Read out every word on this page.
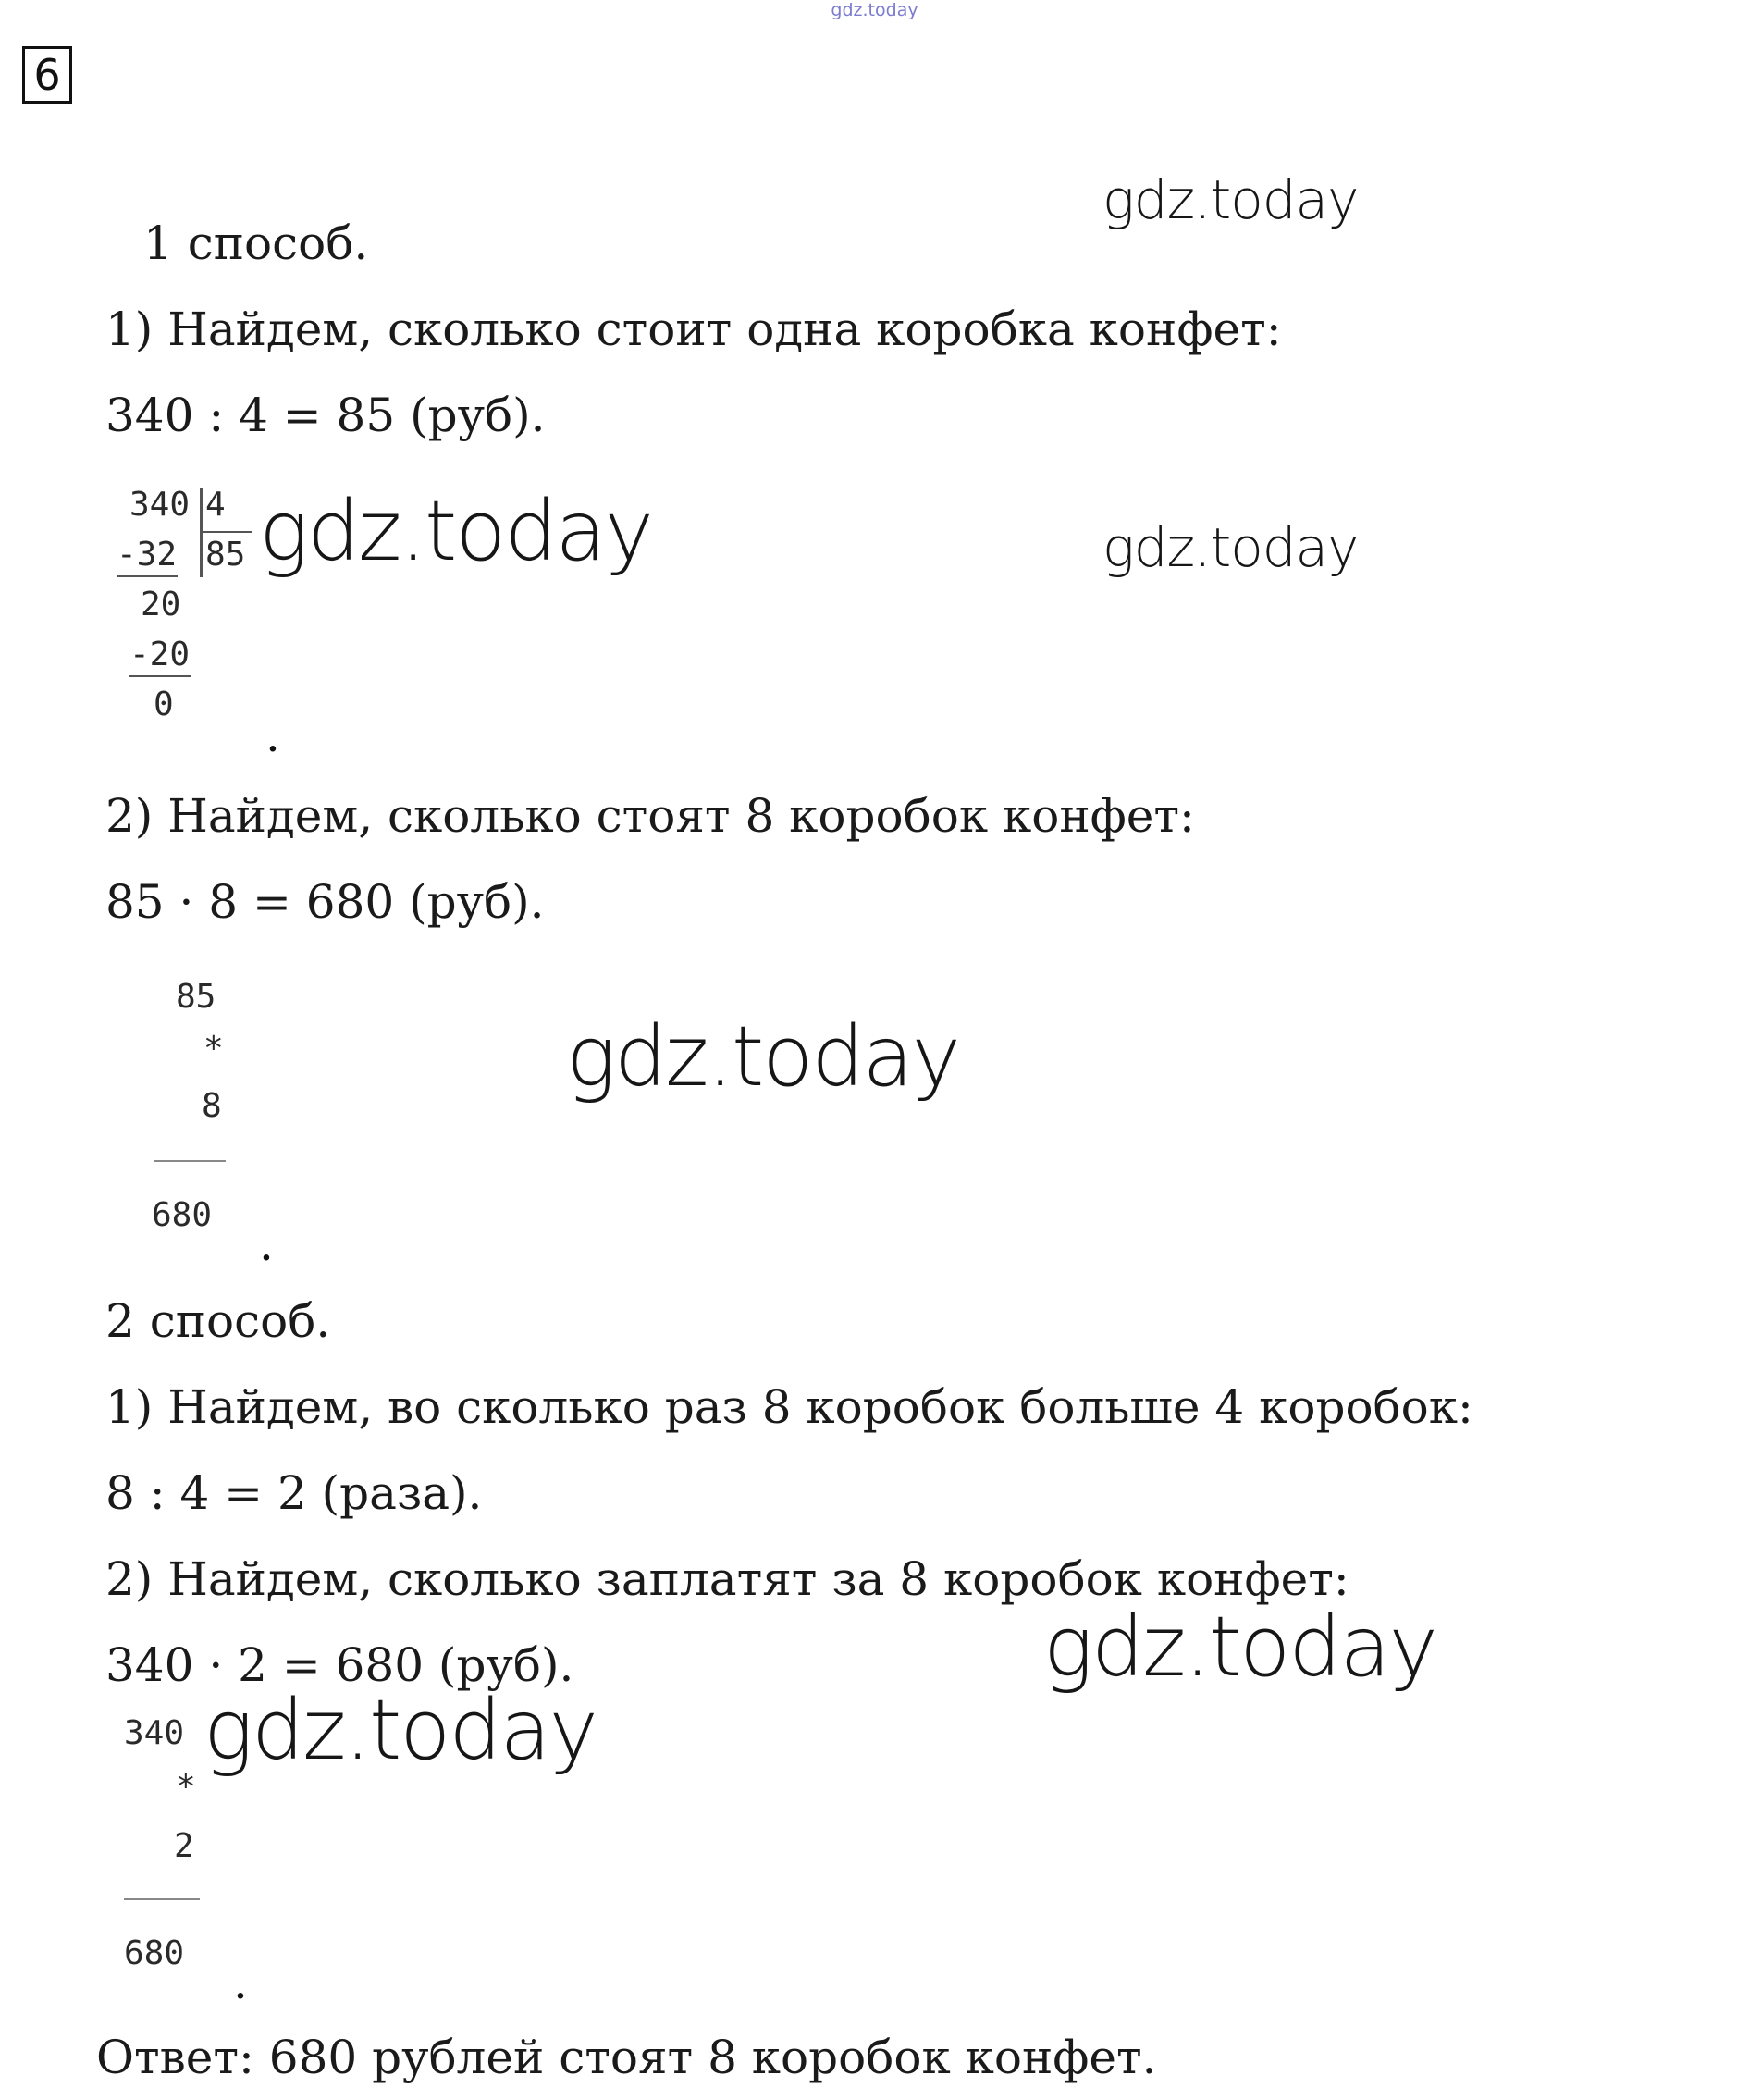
gdz.today
6
1 способ.
gdz.today
1) Найдем, сколько стоит одна коробка конфет:
340 : 4 = 85 (руб).
340 4
85
-32
20
-20
0
.
gdz.today	gdz.today
2) Найдем, сколько стоят 8 коробок конфет:
85 · 8 = 680 (руб).
85
*
8
680
.
gdz.today
2 способ.
1) Найдем, во сколько раз 8 коробок больше 4 коробок:
8 : 4 = 2 (раза).
2) Найдем, сколько заплатят за 8 коробок конфет:
340 · 2 = 680 (руб).	gdz.today
340
*
2
680
.
gdz.today
Ответ: 680 рублей стоят 8 коробок конфет.
